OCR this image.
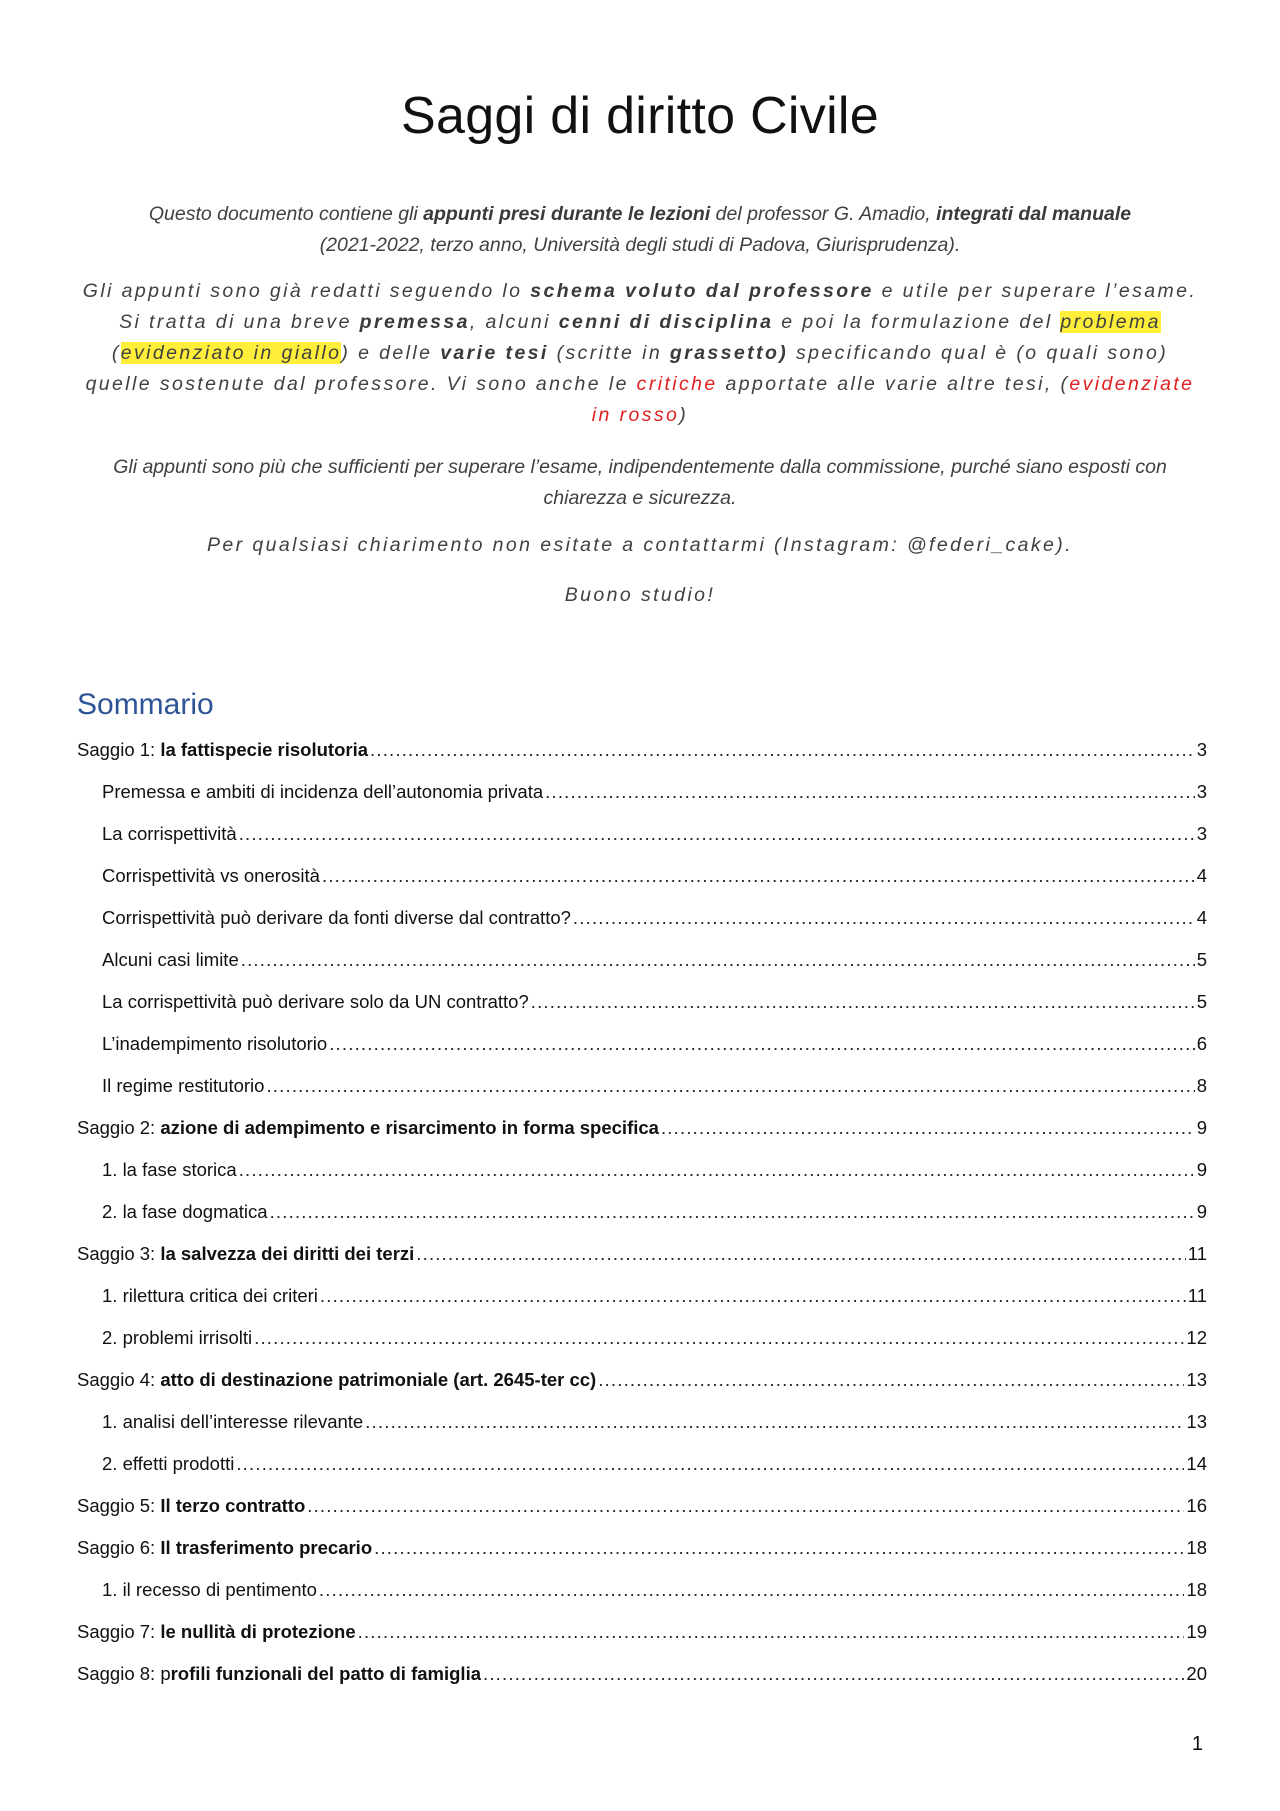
Saggi di diritto Civile

Questo documento contiene gli appunti presi durante le lezioni del professor G. Amadio, integrati dal manuale
(2021-2022, terzo anno, Università degli studi di Padova, Giurisprudenza).

Gli appunti sono già redatti seguendo lo schema voluto dal professore e utile per superare l’esame. Si tratta di una breve premessa, alcuni cenni di disciplina e poi la formulazione del problema (evidenziato in giallo) e delle varie tesi (scritte in grassetto) specificando qual è (o quali sono) quelle sostenute dal professore. Vi sono anche le critiche apportate alle varie altre tesi, (evidenziate in rosso)

Gli appunti sono più che sufficienti per superare l’esame, indipendentemente dalla commissione, purché siano esposti con chiarezza e sicurezza.

Per qualsiasi chiarimento non esitate a contattarmi (Instagram: @federi_cake).

Buono studio!

Sommario
Saggio 1: la fattispecie risolutoria .....	3
Premessa e ambiti di incidenza dell’autonomia privata .....	3
La corrispettività .....	3
Corrispettività vs onerosità .....	4
Corrispettività può derivare da fonti diverse dal contratto? .....	4
Alcuni casi limite .....	5
La corrispettività può derivare solo da UN contratto? .....	5
L’inadempimento risolutorio .....	6
Il regime restitutorio .....	8
Saggio 2: azione di adempimento e risarcimento in forma specifica .....	9
1. la fase storica .....	9
2. la fase dogmatica .....	9
Saggio 3: la salvezza dei diritti dei terzi .....	11
1. rilettura critica dei criteri .....	11
2. problemi irrisolti .....	12
Saggio 4: atto di destinazione patrimoniale (art. 2645-ter cc) .....	13
1. analisi dell’interesse rilevante .....	13
2. effetti prodotti .....	14
Saggio 5: Il terzo contratto .....	16
Saggio 6: Il trasferimento precario .....	18
1. il recesso di pentimento .....	18
Saggio 7: le nullità di protezione .....	19
Saggio 8: profili funzionali del patto di famiglia .....	20
1
